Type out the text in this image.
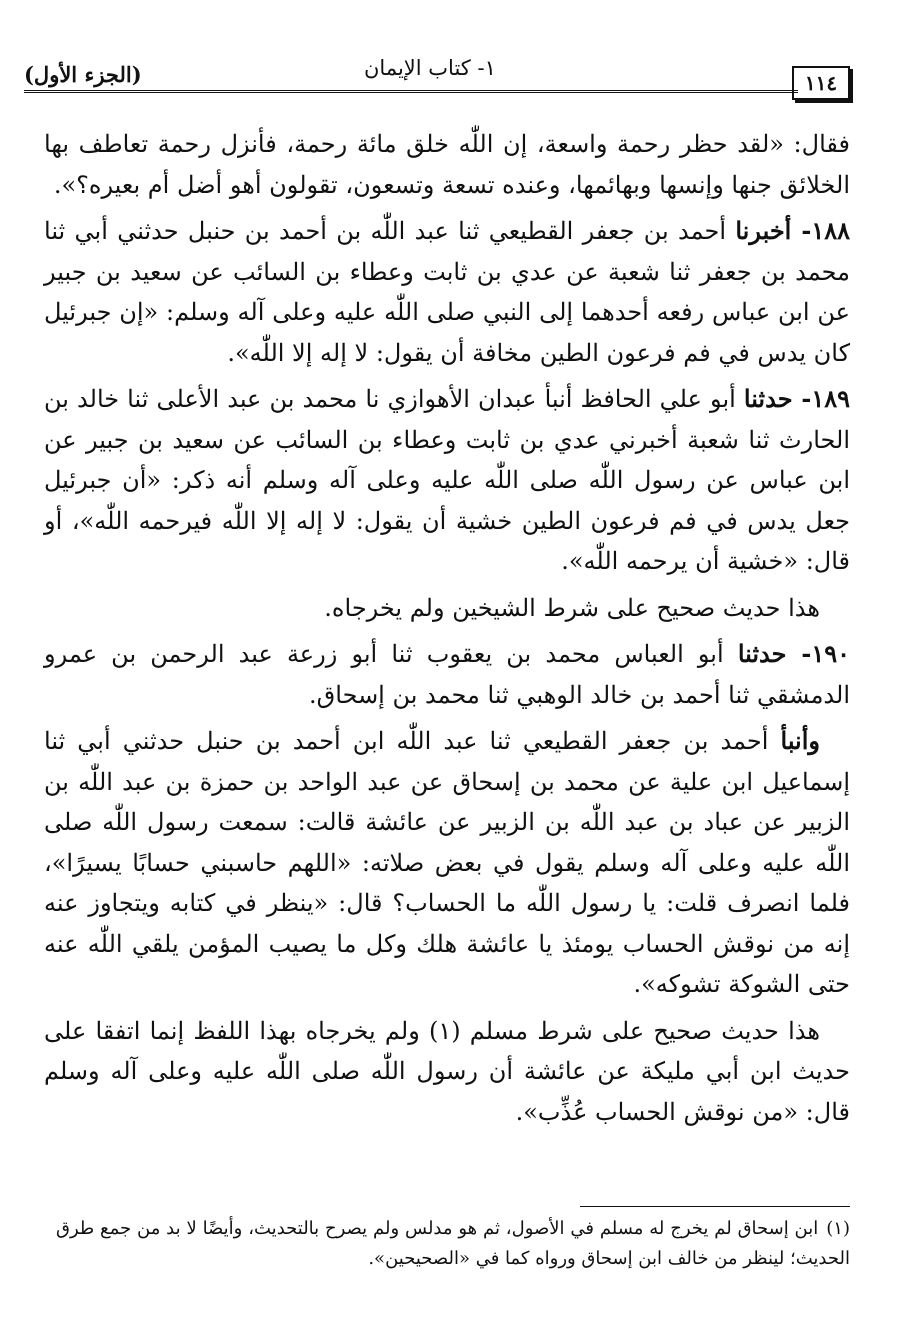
(الجزء الأول)	١- كتاب الإيمان
١١٤

فقال: «لقد حظر رحمة واسعة، إن اللّٰه خلق مائة رحمة، فأنزل رحمة تعاطف بها الخلائق جنها وإنسها وبهائمها، وعنده تسعة وتسعون، تقولون أهو أضل أم بعيره؟».

١٨٨- أخبرنا أحمد بن جعفر القطيعي ثنا عبد اللّٰه بن أحمد بن حنبل حدثني أبي ثنا محمد بن جعفر ثنا شعبة عن عدي بن ثابت وعطاء بن السائب عن سعيد بن جبير عن ابن عباس رفعه أحدهما إلى النبي صلى اللّٰه عليه وعلى آله وسلم: «إن جبرئيل كان يدس في فم فرعون الطين مخافة أن يقول: لا إله إلا اللّٰه».

١٨٩- حدثنا أبو علي الحافظ أنبأ عبدان الأهوازي نا محمد بن عبد الأعلى ثنا خالد بن الحارث ثنا شعبة أخبرني عدي بن ثابت وعطاء بن السائب عن سعيد بن جبير عن ابن عباس عن رسول اللّٰه صلى اللّٰه عليه وعلى آله وسلم أنه ذكر: «أن جبرئيل جعل يدس في فم فرعون الطين خشية أن يقول: لا إله إلا اللّٰه فيرحمه اللّٰه»، أو قال: «خشية أن يرحمه اللّٰه».

هذا حديث صحيح على شرط الشيخين ولم يخرجاه.

١٩٠- حدثنا أبو العباس محمد بن يعقوب ثنا أبو زرعة عبد الرحمن بن عمرو الدمشقي ثنا أحمد بن خالد الوهبي ثنا محمد بن إسحاق.

وأنبأ أحمد بن جعفر القطيعي ثنا عبد اللّٰه ابن أحمد بن حنبل حدثني أبي ثنا إسماعيل ابن علية عن محمد بن إسحاق عن عبد الواحد بن حمزة بن عبد اللّٰه بن الزبير عن عباد بن عبد اللّٰه بن الزبير عن عائشة قالت: سمعت رسول اللّٰه صلى اللّٰه عليه وعلى آله وسلم يقول في بعض صلاته: «اللهم حاسبني حسابًا يسيرًا»، فلما انصرف قلت: يا رسول اللّٰه ما الحساب؟ قال: «ينظر في كتابه ويتجاوز عنه إنه من نوقش الحساب يومئذ يا عائشة هلك وكل ما يصيب المؤمن يلقي اللّٰه عنه حتى الشوكة تشوكه».

هذا حديث صحيح على شرط مسلم (١) ولم يخرجاه بهذا اللفظ إنما اتفقا على حديث ابن أبي مليكة عن عائشة أن رسول اللّٰه صلى اللّٰه عليه وعلى آله وسلم قال: «من نوقش الحساب عُذِّب».

(١)ابن إسحاق لم يخرج له مسلم في الأصول، ثم هو مدلس ولم يصرح بالتحديث، وأيضًا لا بد من جمع طرق الحديث؛ لينظر من خالف ابن إسحاق ورواه كما في «الصحيحين».
